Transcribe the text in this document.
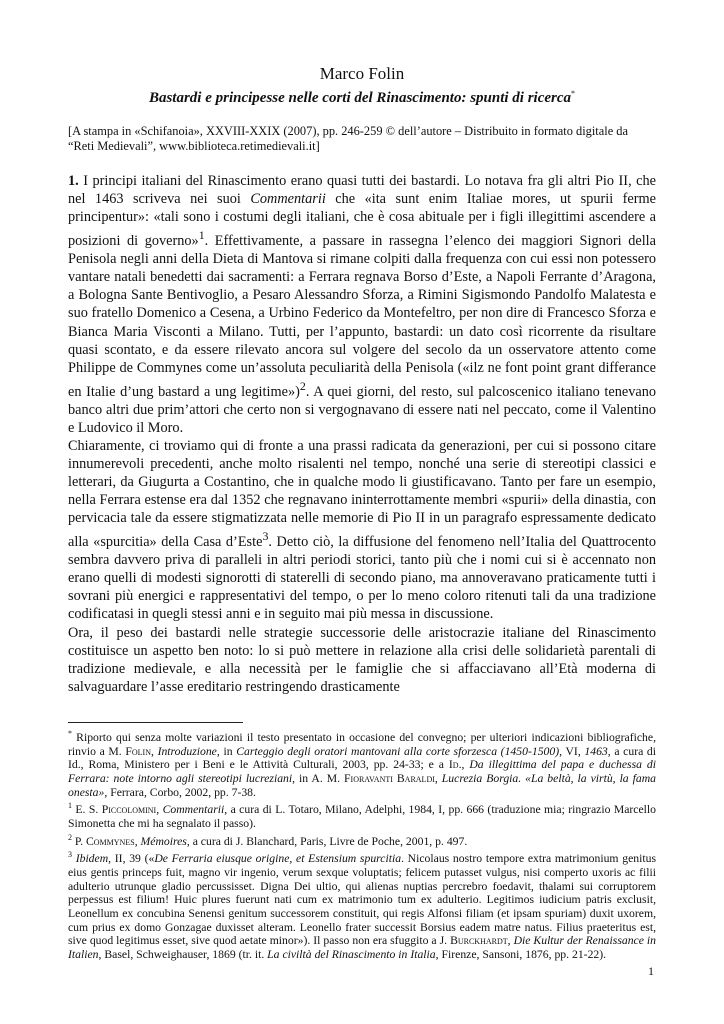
Marco Folin
Bastardi e principesse nelle corti del Rinascimento: spunti di ricerca*
[A stampa in «Schifanoia», XXVIII-XXIX (2007), pp. 246-259 © dell’autore – Distribuito in formato digitale da “Reti Medievali”, www.biblioteca.retimedievali.it]

1. I principi italiani del Rinascimento erano quasi tutti dei bastardi. Lo notava fra gli altri Pio II, che nel 1463 scriveva nei suoi Commentarii che «ita sunt enim Italiae mores, ut spurii ferme principentur»: «tali sono i costumi degli italiani, che è cosa abituale per i figli illegittimi ascendere a posizioni di governo»$^1$. Effettivamente, a passare in rassegna l’elenco dei maggiori Signori della Penisola negli anni della Dieta di Mantova si rimane colpiti dalla frequenza con cui essi non potessero vantare natali benedetti dai sacramenti: a Ferrara regnava Borso d’Este, a Napoli Ferrante d’Aragona, a Bologna Sante Bentivoglio, a Pesaro Alessandro Sforza, a Rimini Sigismondo Pandolfo Malatesta e suo fratello Domenico a Cesena, a Urbino Federico da Montefeltro, per non dire di Francesco Sforza e Bianca Maria Visconti a Milano. Tutti, per l’appunto, bastardi: un dato così ricorrente da risultare quasi scontato, e da essere rilevato ancora sul volgere del secolo da un osservatore attento come Philippe de Commynes come un’assoluta peculiarità della Penisola («ilz ne font point grant differance en Italie d’ung bastard a ung legitime»)$^2$. A quei giorni, del resto, sul palcoscenico italiano tenevano banco altri due prim’attori che certo non si vergognavano di essere nati nel peccato, come il Valentino e Ludovico il Moro.

Chiaramente, ci troviamo qui di fronte a una prassi radicata da generazioni, per cui si possono citare innumerevoli precedenti, anche molto risalenti nel tempo, nonché una serie di stereotipi classici e letterari, da Giugurta a Costantino, che in qualche modo li giustificavano. Tanto per fare un esempio, nella Ferrara estense era dal 1352 che regnavano ininterrottamente membri «spurii» della dinastia, con pervicacia tale da essere stigmatizzata nelle memorie di Pio II in un paragrafo espressamente dedicato alla «spurcitia» della Casa d’Este$^3$. Detto ciò, la diffusione del fenomeno nell’Italia del Quattrocento sembra davvero priva di paralleli in altri periodi storici, tanto più che i nomi cui si è accennato non erano quelli di modesti signorotti di staterelli di secondo piano, ma annoveravano praticamente tutti i sovrani più energici e rappresentativi del tempo, o per lo meno coloro ritenuti tali da una tradizione codificatasi in quegli stessi anni e in seguito mai più messa in discussione.

Ora, il peso dei bastardi nelle strategie successorie delle aristocrazie italiane del Rinascimento costituisce un aspetto ben noto: lo si può mettere in relazione alla crisi delle solidarietà parentali di tradizione medievale, e alla necessità per le famiglie che si affacciavano all’Età moderna di salvaguardare l’asse ereditario restringendo drasticamente

* Riporto qui senza molte variazioni il testo presentato in occasione del convegno; per ulteriori indicazioni bibliografiche, rinvio a M. Folin, Introduzione, in Carteggio degli oratori mantovani alla corte sforzesca (1450-1500), VI, 1463, a cura di Id., Roma, Ministero per i Beni e le Attività Culturali, 2003, pp. 24-33; e a Id., Da illegittima del papa e duchessa di Ferrara: note intorno agli stereotipi lucreziani, in A. M. Fioravanti Baraldi, Lucrezia Borgia. «La beltà, la virtù, la fama onesta», Ferrara, Corbo, 2002, pp. 7-38.

$^1$ E. S. Piccolomini, Commentarii, a cura di L. Totaro, Milano, Adelphi, 1984, I, pp. 666 (traduzione mia; ringrazio Marcello Simonetta che mi ha segnalato il passo).

$^2$ P. Commynes, Mémoires, a cura di J. Blanchard, Paris, Livre de Poche, 2001, p. 497.

$^3$ Ibidem, II, 39 («De Ferraria eiusque origine, et Estensium spurcitia. Nicolaus nostro tempore extra matrimonium genitus eius gentis princeps fuit, magno vir ingenio, verum sexque voluptatis; felicem putasset vulgus, nisi comperto uxoris ac filii adulterio utrunque gladio percussisset. Digna Dei ultio, qui alienas nuptias percrebro foedavit, thalami sui corruptorem perpessus est filium! Huic plures fuerunt nati cum ex matrimonio tum ex adulterio. Legitimos iudicium patris exclusit, Leonellum ex concubina Senensi genitum successorem constituit, qui regis Alfonsi filiam (et ipsam spuriam) duxit uxorem, cum prius ex domo Gonzagae duxisset alteram. Leonello frater successit Borsius eadem matre natus. Filius praeteritus est, sive quod legitimus esset, sive quod aetate minor»). Il passo non era sfuggito a J. Burckhardt, Die Kultur der Renaissance in Italien, Basel, Schweighauser, 1869 (tr. it. La civiltà del Rinascimento in Italia, Firenze, Sansoni, 1876, pp. 21-22).

1
